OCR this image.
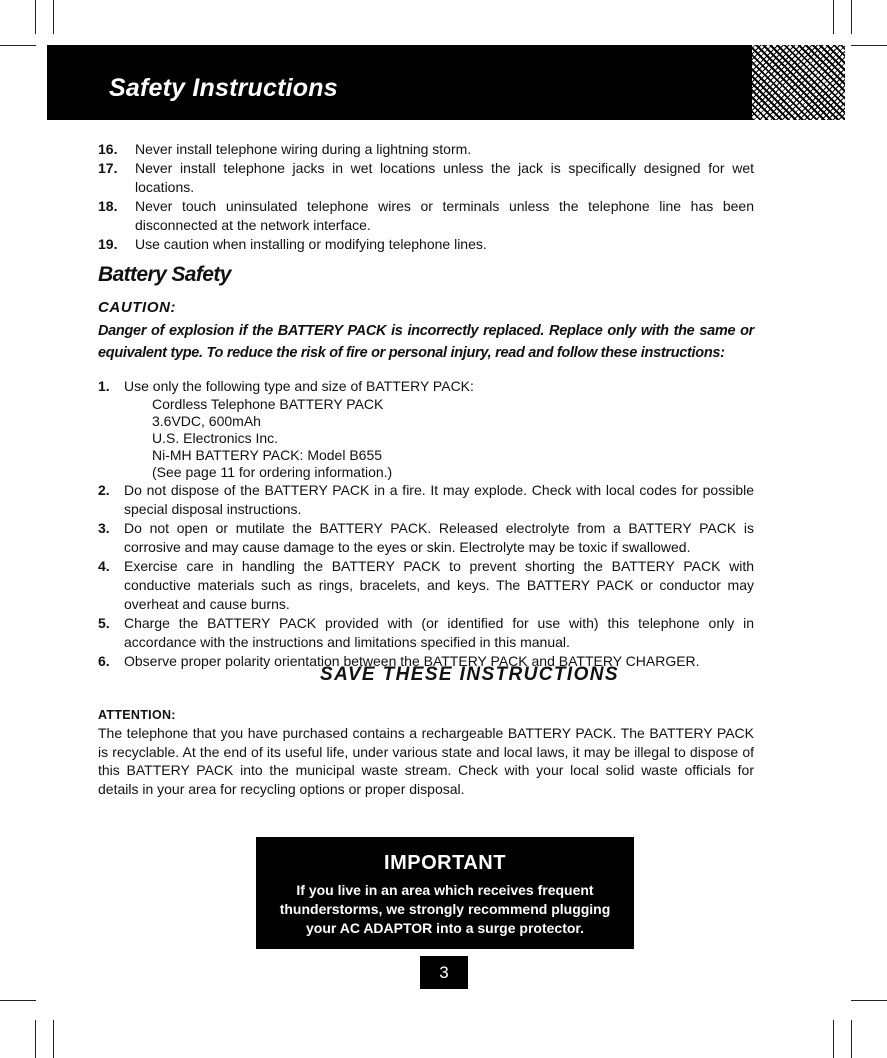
Safety Instructions
16.	Never install telephone wiring during a lightning storm.
17.	Never install telephone jacks in wet locations unless the jack is specifically designed for wet locations.
18.	Never touch uninsulated telephone wires or terminals unless the telephone line has been disconnected at the network interface.
19.	Use caution when installing or modifying telephone lines.
Battery Safety
CAUTION:
Danger of explosion if the BATTERY PACK is incorrectly replaced. Replace only with the same or equivalent type. To reduce the risk of fire or personal injury, read and follow these instructions:
1.	Use only the following type and size of BATTERY PACK:
Cordless Telephone BATTERY PACK
3.6VDC, 600mAh
U.S. Electronics Inc.
Ni-MH BATTERY PACK: Model B655
(See page 11 for ordering information.)
2.	Do not dispose of the BATTERY PACK in a fire. It may explode. Check with local codes for possible special disposal instructions.
3.	Do not open or mutilate the BATTERY PACK. Released electrolyte from a BATTERY PACK is corrosive and may cause damage to the eyes or skin. Electrolyte may be toxic if swallowed.
4.	Exercise care in handling the BATTERY PACK to prevent shorting the BATTERY PACK with conductive materials such as rings, bracelets, and keys. The BATTERY PACK or conductor may overheat and cause burns.
5.	Charge the BATTERY PACK provided with (or identified for use with) this telephone only in accordance with the instructions and limitations specified in this manual.
6.	Observe proper polarity orientation between the BATTERY PACK and BATTERY CHARGER.
SAVE THESE INSTRUCTIONS
ATTENTION:
The telephone that you have purchased contains a rechargeable BATTERY PACK. The BATTERY PACK is recyclable. At the end of its useful life, under various state and local laws, it may be illegal to dispose of this BATTERY PACK into the municipal waste stream. Check with your local solid waste officials for details in your area for recycling options or proper disposal.
IMPORTANT
If you live in an area which receives frequent
thunderstorms, we strongly recommend plugging
your AC ADAPTOR into a surge protector.
3
